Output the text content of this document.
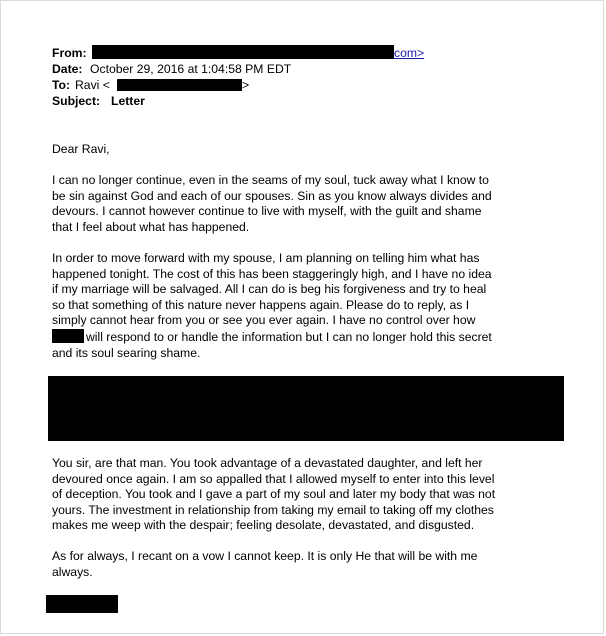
From:	com>
Date: October 29, 2016 at 1:04:58 PM EDT
To: Ravi <	>
Subject: Letter
Dear Ravi,
I can no longer continue, even in the seams of my soul, tuck away what I know to
be sin against God and each of our spouses. Sin as you know always divides and
devours. I cannot however continue to live with myself, with the guilt and shame
that I feel about what has happened.
In order to move forward with my spouse, I am planning on telling him what has
happened tonight. The cost of this has been staggeringly high, and I have no idea
if my marriage will be salvaged. All I can do is beg his forgiveness and try to heal
so that something of this nature never happens again. Please do to reply, as I
simply cannot hear from you or see you ever again. I have no control over how
will respond to or handle the information but I can no longer hold this secret
and its soul searing shame.
You sir, are that man. You took advantage of a devastated daughter, and left her
devoured once again. I am so appalled that I allowed myself to enter into this level
of deception. You took and I gave a part of my soul and later my body that was not
yours. The investment in relationship from taking my email to taking off my clothes
makes me weep with the despair; feeling desolate, devastated, and disgusted.
As for always, I recant on a vow I cannot keep. It is only He that will be with me
always.
